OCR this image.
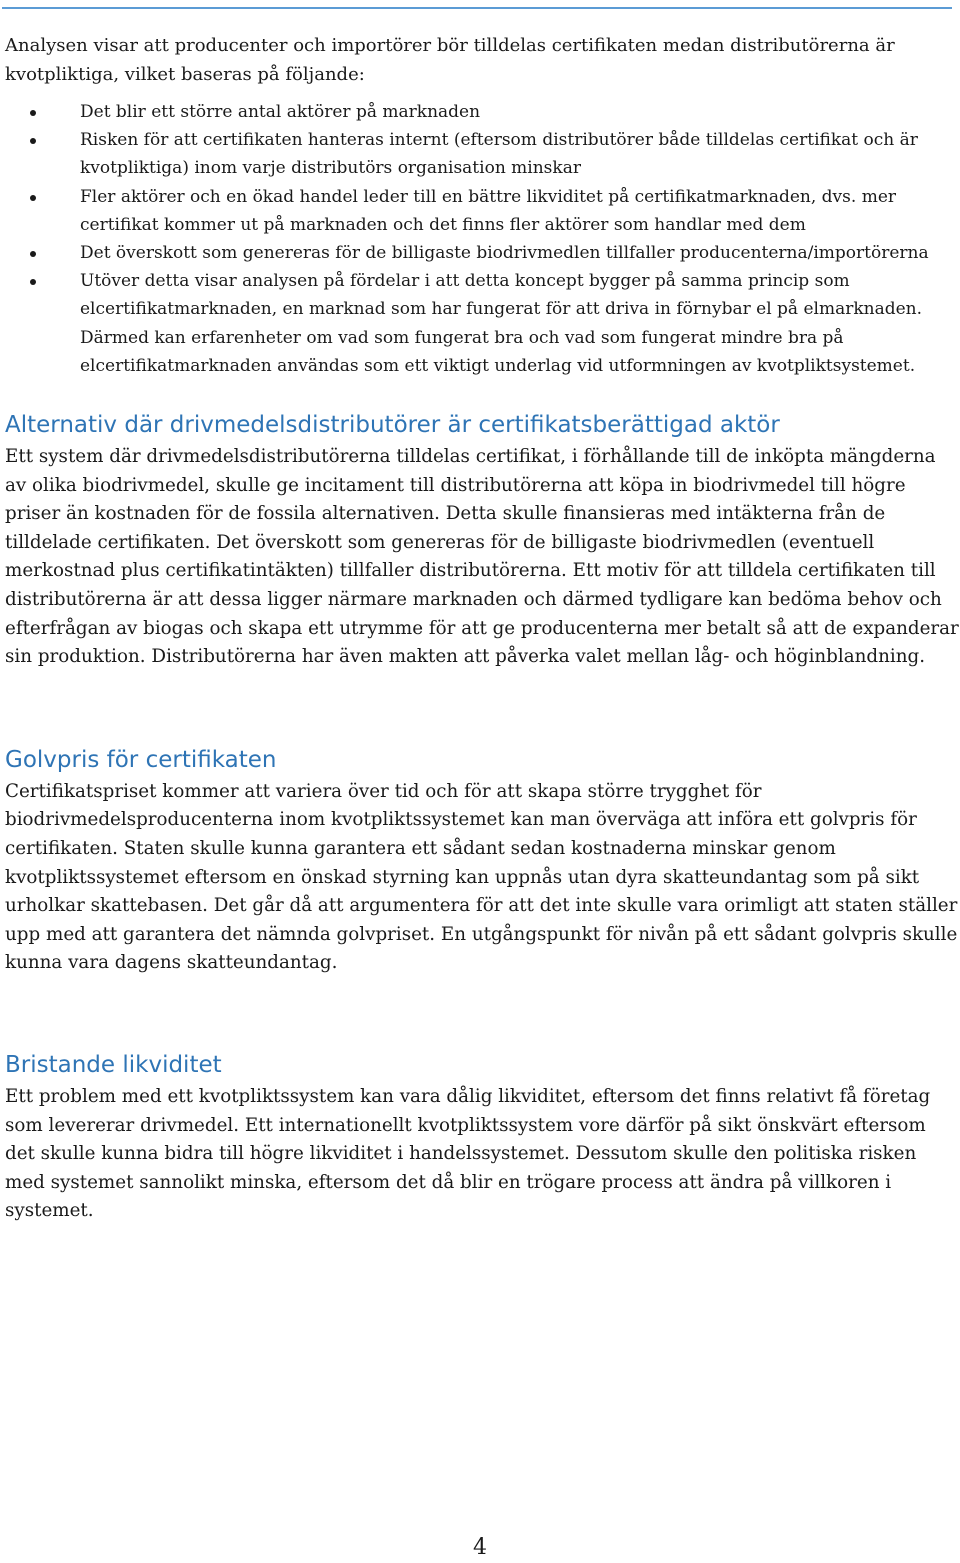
Analysen visar att producenter och importörer bör tilldelas certifikaten medan distributörerna är kvotpliktiga, vilket baseras på följande:

Det blir ett större antal aktörer på marknaden
Risken för att certifikaten hanteras internt (eftersom distributörer både tilldelas certifikat och är kvotpliktiga) inom varje distributörs organisation minskar
Fler aktörer och en ökad handel leder till en bättre likviditet på certifikatmarknaden, dvs. mer certifikat kommer ut på marknaden och det finns fler aktörer som handlar med dem
Det överskott som genereras för de billigaste biodrivmedlen tillfaller producenterna/importörerna
Utöver detta visar analysen på fördelar i att detta koncept bygger på samma princip som elcertifikatmarknaden, en marknad som har fungerat för att driva in förnybar el på elmarknaden. Därmed kan erfarenheter om vad som fungerat bra och vad som fungerat mindre bra på elcertifikatmarknaden användas som ett viktigt underlag vid utformningen av kvotpliktsystemet.
Alternativ där drivmedelsdistributörer är certifikatsberättigad aktör

Ett system där drivmedelsdistributörerna tilldelas certifikat, i förhållande till de inköpta mängderna av olika biodrivmedel, skulle ge incitament till distributörerna att köpa in biodrivmedel till högre priser än kostnaden för de fossila alternativen. Detta skulle finansieras med intäkterna från de tilldelade certifikaten. Det överskott som genereras för de billigaste biodrivmedlen (eventuell merkostnad plus certifikatintäkten) tillfaller distributörerna. Ett motiv för att tilldela certifikaten till distributörerna är att dessa ligger närmare marknaden och därmed tydligare kan bedöma behov och efterfrågan av biogas och skapa ett utrymme för att ge producenterna mer betalt så att de expanderar sin produktion. Distributörerna har även makten att påverka valet mellan låg- och höginblandning.

Golvpris för certifikaten

Certifikatspriset kommer att variera över tid och för att skapa större trygghet för biodrivmedelsproducenterna inom kvotpliktssystemet kan man överväga att införa ett golvpris för certifikaten. Staten skulle kunna garantera ett sådant sedan kostnaderna minskar genom kvotpliktssystemet eftersom en önskad styrning kan uppnås utan dyra skatteundantag som på sikt urholkar skattebasen. Det går då att argumentera för att det inte skulle vara orimligt att staten ställer upp med att garantera det nämnda golvpriset. En utgångspunkt för nivån på ett sådant golvpris skulle kunna vara dagens skatteundantag.

Bristande likviditet

Ett problem med ett kvotpliktssystem kan vara dålig likviditet, eftersom det finns relativt få företag som levererar drivmedel. Ett internationellt kvotpliktssystem vore därför på sikt önskvärt eftersom det skulle kunna bidra till högre likviditet i handelssystemet. Dessutom skulle den politiska risken med systemet sannolikt minska, eftersom det då blir en trögare process att ändra på villkoren i systemet.

4
